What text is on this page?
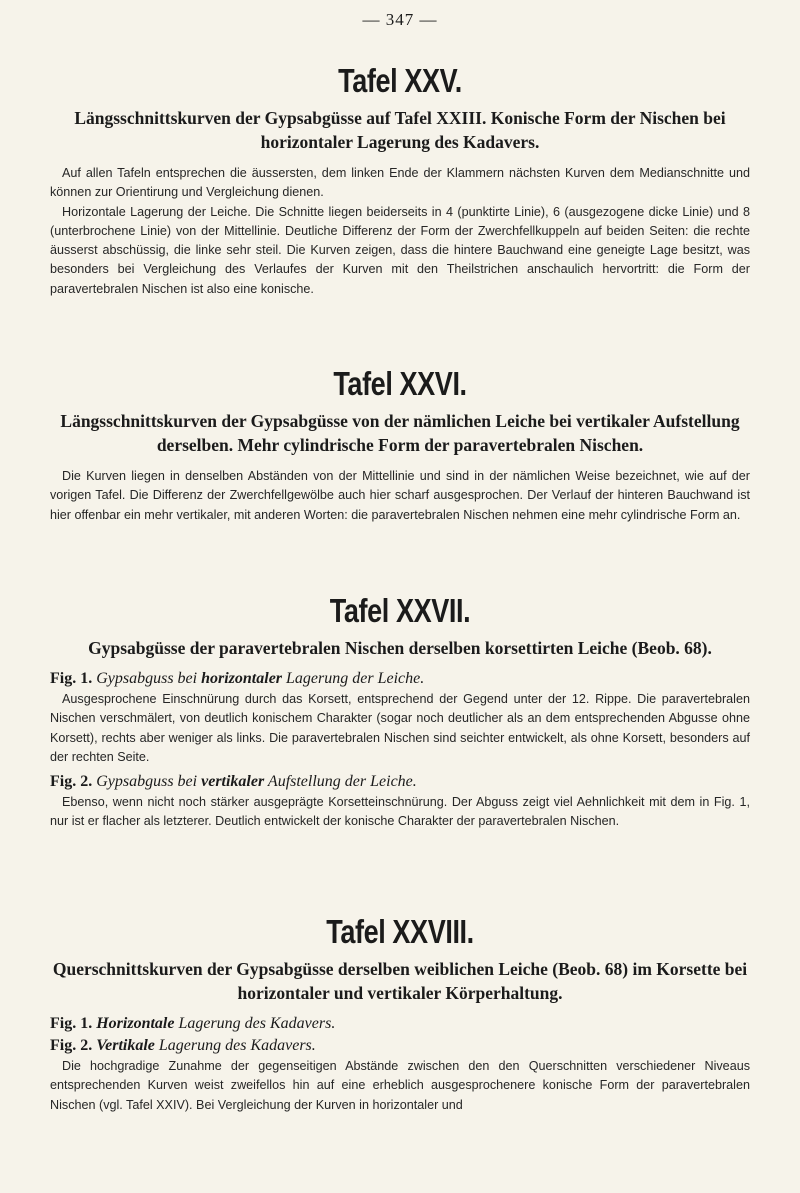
— 347 —
Tafel XXV.

Längsschnittskurven der Gypsabgüsse auf Tafel XXIII. Konische Form der Nischen bei horizontaler Lagerung des Kadavers.

Auf allen Tafeln entsprechen die äussersten, dem linken Ende der Klammern nächsten Kurven dem Medianschnitte und können zur Orientirung und Vergleichung dienen.

Horizontale Lagerung der Leiche. Die Schnitte liegen beiderseits in 4 (punktirte Linie), 6 (ausgezogene dicke Linie) und 8 (unterbrochene Linie) von der Mittellinie. Deutliche Differenz der Form der Zwerchfellkuppeln auf beiden Seiten: die rechte äusserst abschüssig, die linke sehr steil. Die Kurven zeigen, dass die hintere Bauchwand eine geneigte Lage besitzt, was besonders bei Vergleichung des Verlaufes der Kurven mit den Theilstrichen anschaulich hervortritt: die Form der paravertebralen Nischen ist also eine konische.

Tafel XXVI.

Längsschnittskurven der Gypsabgüsse von der nämlichen Leiche bei vertikaler Aufstellung derselben. Mehr cylindrische Form der paravertebralen Nischen.

Die Kurven liegen in denselben Abständen von der Mittellinie und sind in der nämlichen Weise bezeichnet, wie auf der vorigen Tafel. Die Differenz der Zwerchfellgewölbe auch hier scharf ausgesprochen. Der Verlauf der hinteren Bauchwand ist hier offenbar ein mehr vertikaler, mit anderen Worten: die paravertebralen Nischen nehmen eine mehr cylindrische Form an.

Tafel XXVII.

Gypsabgüsse der paravertebralen Nischen derselben korsettirten Leiche (Beob. 68).

Fig. 1. Gypsabguss bei horizontaler Lagerung der Leiche.

Ausgesprochene Einschnürung durch das Korsett, entsprechend der Gegend unter der 12. Rippe. Die paravertebralen Nischen verschmälert, von deutlich konischem Charakter (sogar noch deutlicher als an dem entsprechenden Abgusse ohne Korsett), rechts aber weniger als links. Die paravertebralen Nischen sind seichter entwickelt, als ohne Korsett, besonders auf der rechten Seite.

Fig. 2. Gypsabguss bei vertikaler Aufstellung der Leiche.

Ebenso, wenn nicht noch stärker ausgeprägte Korsetteinschnürung. Der Abguss zeigt viel Aehnlichkeit mit dem in Fig. 1, nur ist er flacher als letzterer. Deutlich entwickelt der konische Charakter der paravertebralen Nischen.

Tafel XXVIII.

Querschnittskurven der Gypsabgüsse derselben weiblichen Leiche (Beob. 68) im Korsette bei horizontaler und vertikaler Körperhaltung.

Fig. 1. Horizontale Lagerung des Kadavers.

Fig. 2. Vertikale Lagerung des Kadavers.

Die hochgradige Zunahme der gegenseitigen Abstände zwischen den den Querschnitten verschiedener Niveaus entsprechenden Kurven weist zweifellos hin auf eine erheblich ausgesprochenere konische Form der paravertebralen Nischen (vgl. Tafel XXIV). Bei Vergleichung der Kurven in horizontaler und
